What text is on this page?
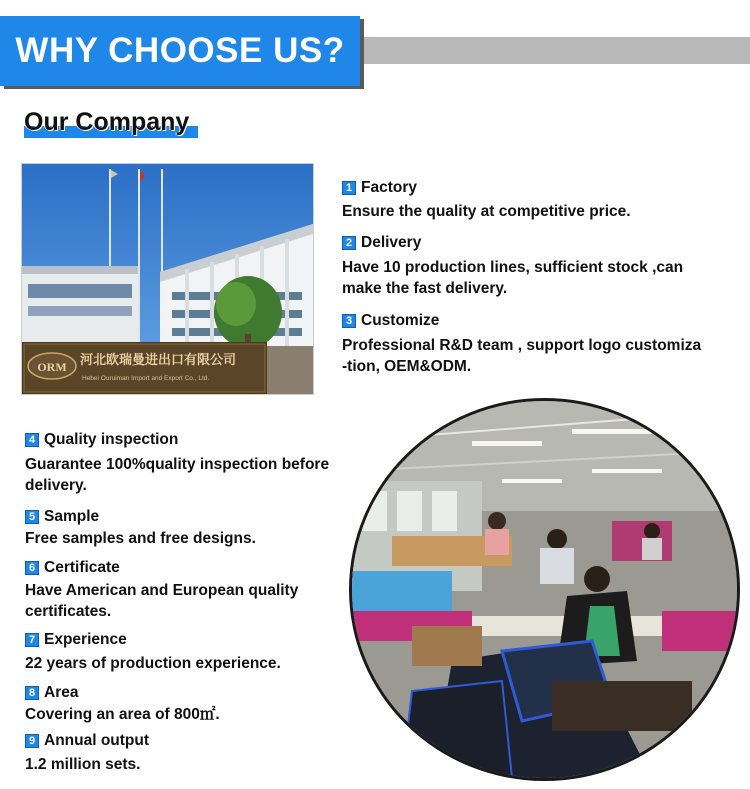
WHY CHOOSE US?
Our Company
ORM 河北欧瑞曼进出口有限公司
Hebei Ouruiman Import and Export Co., Ltd.
1 Factory
Ensure the quality at competitive price.
2 Delivery
Have 10 production lines, sufficient stock ,can
make the fast delivery.
3 Customize
Professional R&D team , support logo customiza
-tion, OEM&ODM.
4 Quality inspection
Guarantee 100%quality inspection before
delivery.
5 Sample
Free samples and free designs.
6 Certificate
Have American and European quality
certificates.
7 Experience
22 years of production experience.
8 Area
Covering an area of 800㎡.
9 Annual output
1.2 million sets.
